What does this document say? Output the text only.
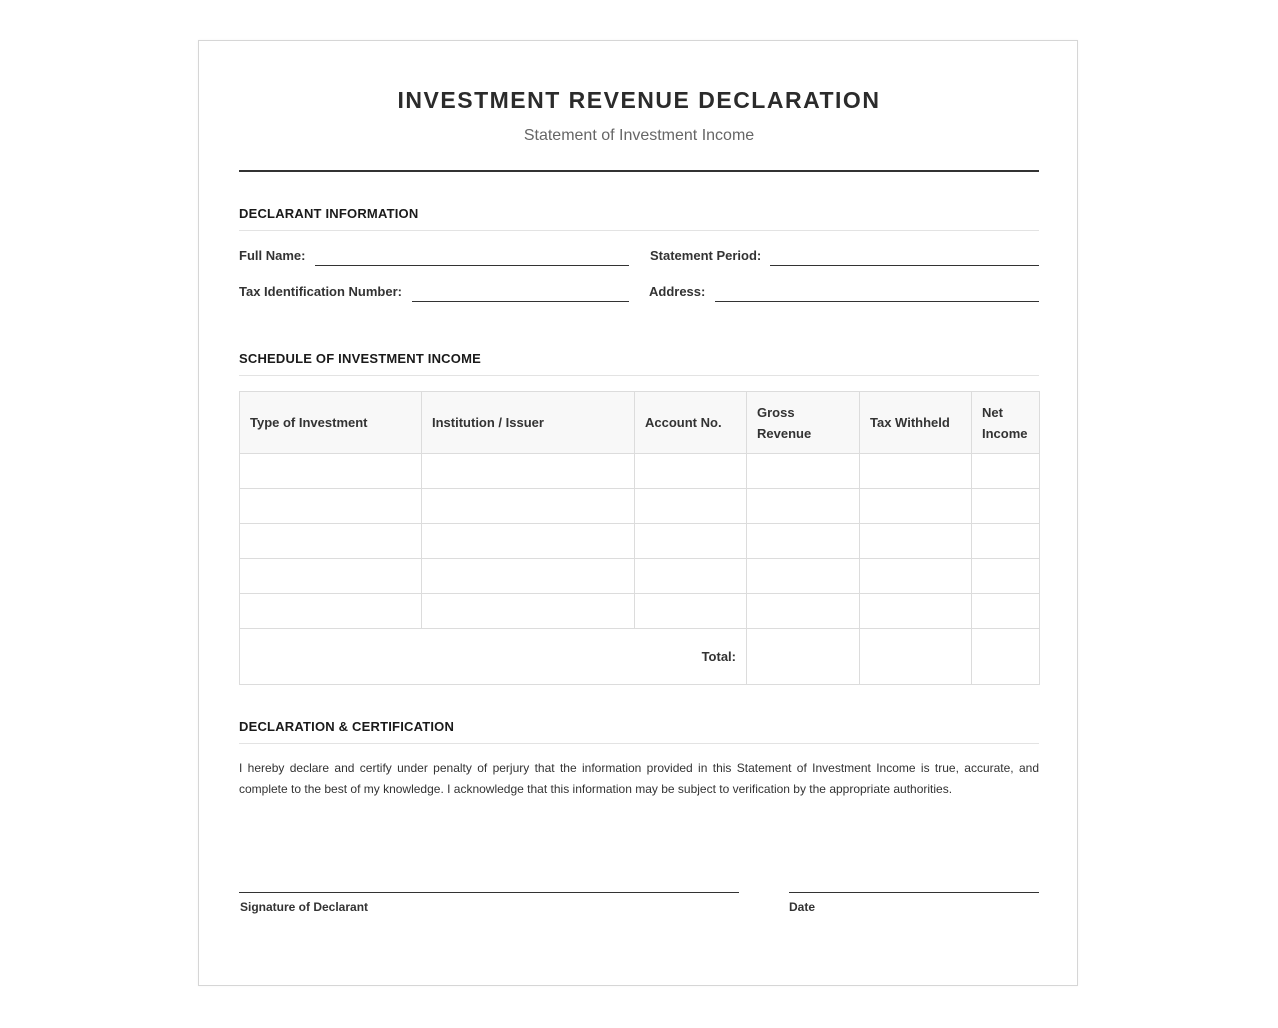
INVESTMENT REVENUE DECLARATION
Statement of Investment Income
DECLARANT INFORMATION
Full Name:	Statement Period:
Tax Identification Number:	Address:
SCHEDULE OF INVESTMENT INCOME
Type of Investment	Institution / Issuer	Account No.	Gross Revenue	Tax Withheld	Net Income

Total:					
DECLARATION & CERTIFICATION
I hereby declare and certify under penalty of perjury that the information provided in this Statement of Investment Income is true, accurate, and complete to the best of my knowledge. I acknowledge that this information may be subject to verification by the appropriate authorities.
Signature of Declarant	Date
